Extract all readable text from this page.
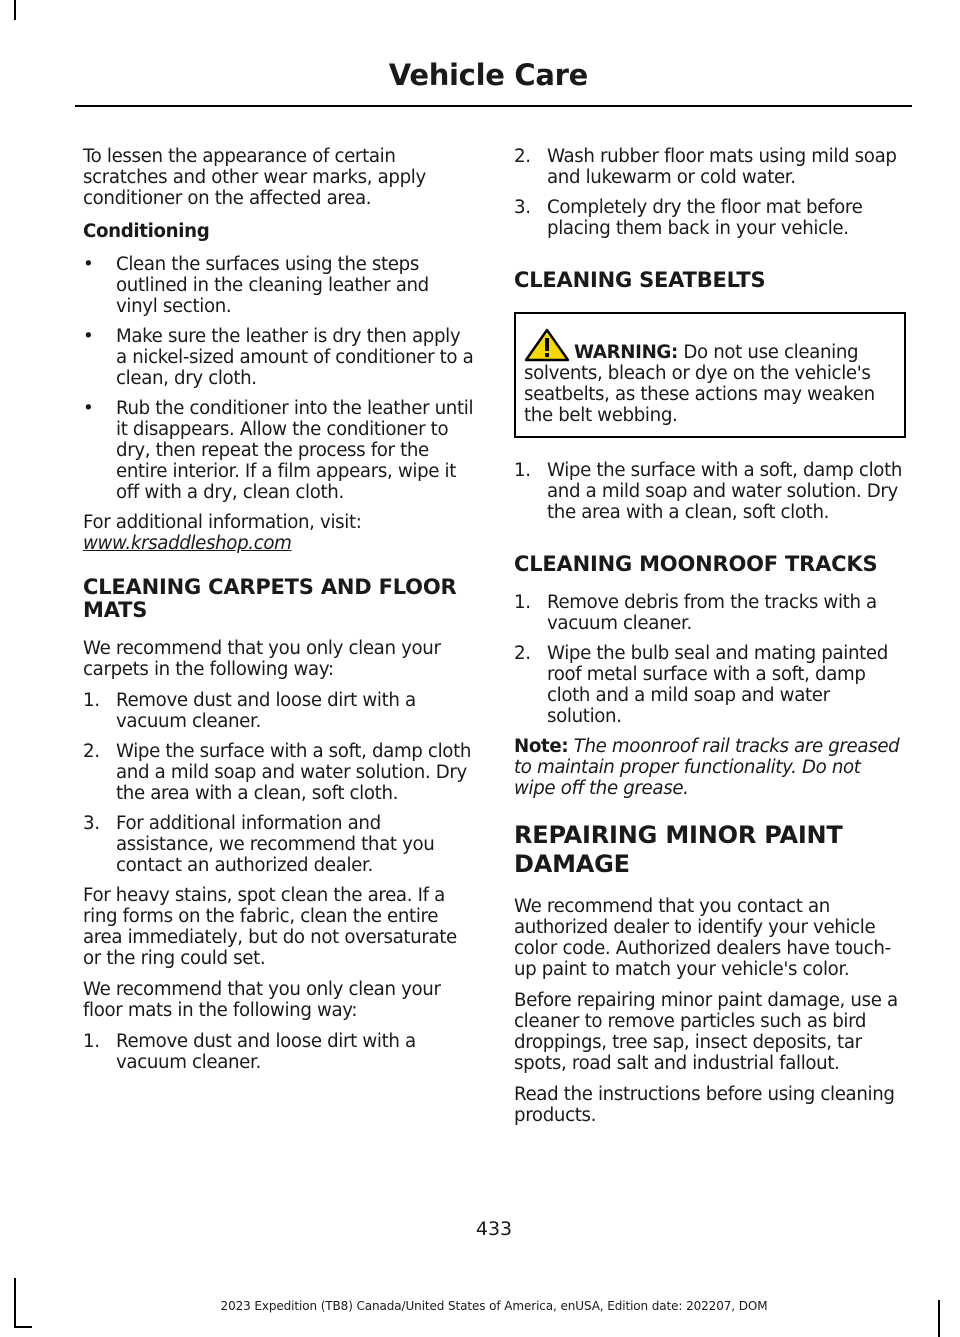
Vehicle Care

To lessen the appearance of certain scratches and other wear marks, apply conditioner on the affected area.

Conditioning

• Clean the surfaces using the steps outlined in the cleaning leather and vinyl section.
• Make sure the leather is dry then apply a nickel-sized amount of conditioner to a clean, dry cloth.
• Rub the conditioner into the leather until it disappears. Allow the conditioner to dry, then repeat the process for the entire interior. If a film appears, wipe it off with a dry, clean cloth.

For additional information, visit:
www.krsaddleshop.com

CLEANING CARPETS AND FLOOR MATS

We recommend that you only clean your carpets in the following way:

1. Remove dust and loose dirt with a vacuum cleaner.
2. Wipe the surface with a soft, damp cloth and a mild soap and water solution. Dry the area with a clean, soft cloth.
3. For additional information and assistance, we recommend that you contact an authorized dealer.

For heavy stains, spot clean the area. If a ring forms on the fabric, clean the entire area immediately, but do not oversaturate or the ring could set.

We recommend that you only clean your floor mats in the following way:

1. Remove dust and loose dirt with a vacuum cleaner.
2. Wash rubber floor mats using mild soap and lukewarm or cold water.
3. Completely dry the floor mat before placing them back in your vehicle.
CLEANING SEATBELTS

WARNING: Do not use cleaning solvents, bleach or dye on the vehicle's seatbelts, as these actions may weaken the belt webbing.

1. Wipe the surface with a soft, damp cloth and a mild soap and water solution. Dry the area with a clean, soft cloth.
CLEANING MOONROOF TRACKS
1. Remove debris from the tracks with a vacuum cleaner.
2. Wipe the bulb seal and mating painted roof metal surface with a soft, damp cloth and a mild soap and water solution.

Note: The moonroof rail tracks are greased to maintain proper functionality. Do not wipe off the grease.

REPAIRING MINOR PAINT
DAMAGE

We recommend that you contact an authorized dealer to identify your vehicle color code. Authorized dealers have touch-up paint to match your vehicle's color.

Before repairing minor paint damage, use a cleaner to remove particles such as bird droppings, tree sap, insect deposits, tar spots, road salt and industrial fallout.

Read the instructions before using cleaning products.

433
2023 Expedition (TB8) Canada/United States of America, enUSA, Edition date: 202207, DOM
